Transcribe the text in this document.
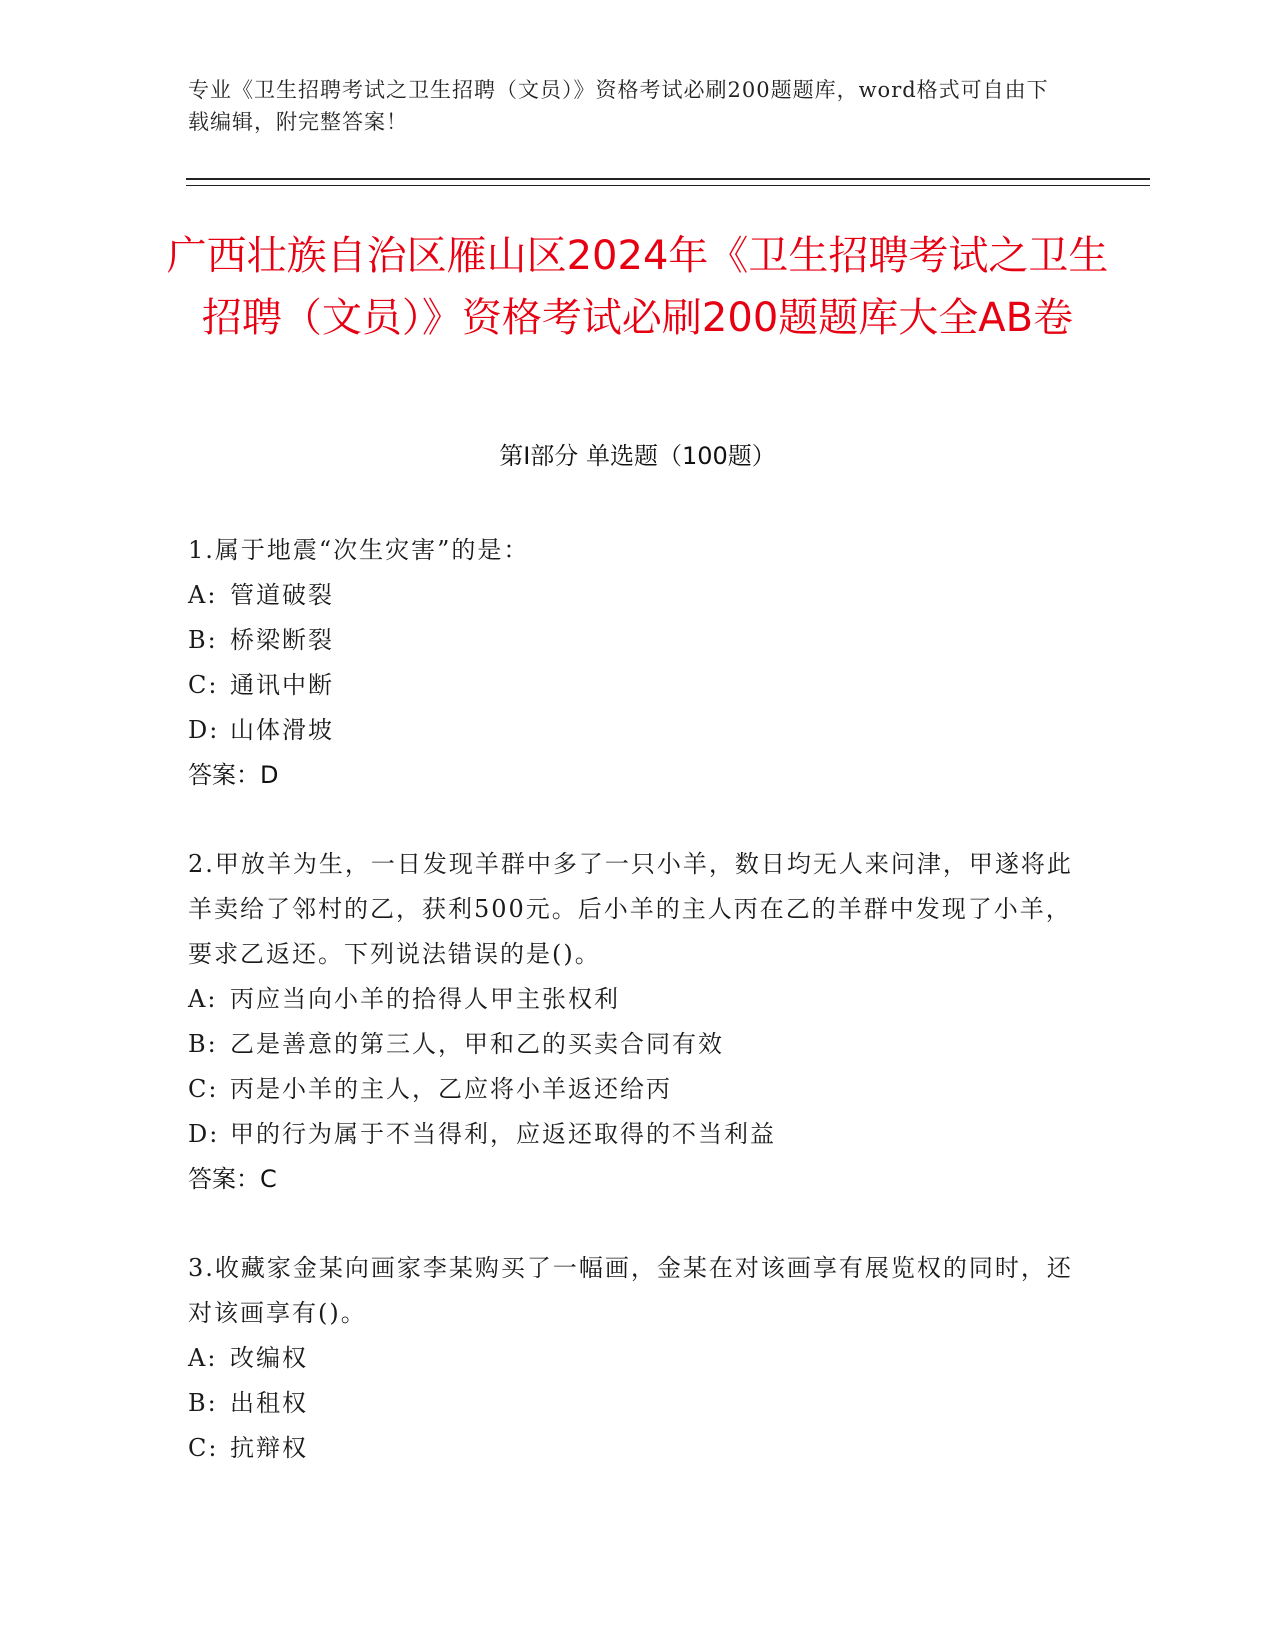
专业《卫生招聘考试之卫生招聘（文员）》资格考试必刷200题题库，word格式可自由下载编辑，附完整答案！
广西壮族自治区雁山区2024年《卫生招聘考试之卫生招聘（文员）》资格考试必刷200题题库大全AB卷
第Ⅰ部分 单选题（100题）

1.属于地震“次生灾害”的是：

A: 管道破裂
B: 桥梁断裂
C: 通讯中断
D: 山体滑坡
答案：D

2.甲放羊为生，一日发现羊群中多了一只小羊，数日均无人来问津，甲遂将此羊卖给了邻村的乙，获利500元。后小羊的主人丙在乙的羊群中发现了小羊，要求乙返还。下列说法错误的是()。

A: 丙应当向小羊的拾得人甲主张权利
B: 乙是善意的第三人，甲和乙的买卖合同有效
C: 丙是小羊的主人，乙应将小羊返还给丙
D: 甲的行为属于不当得利，应返还取得的不当利益
答案：C

3.收藏家金某向画家李某购买了一幅画，金某在对该画享有展览权的同时，还对该画享有()。

A: 改编权
B: 出租权
C: 抗辩权
